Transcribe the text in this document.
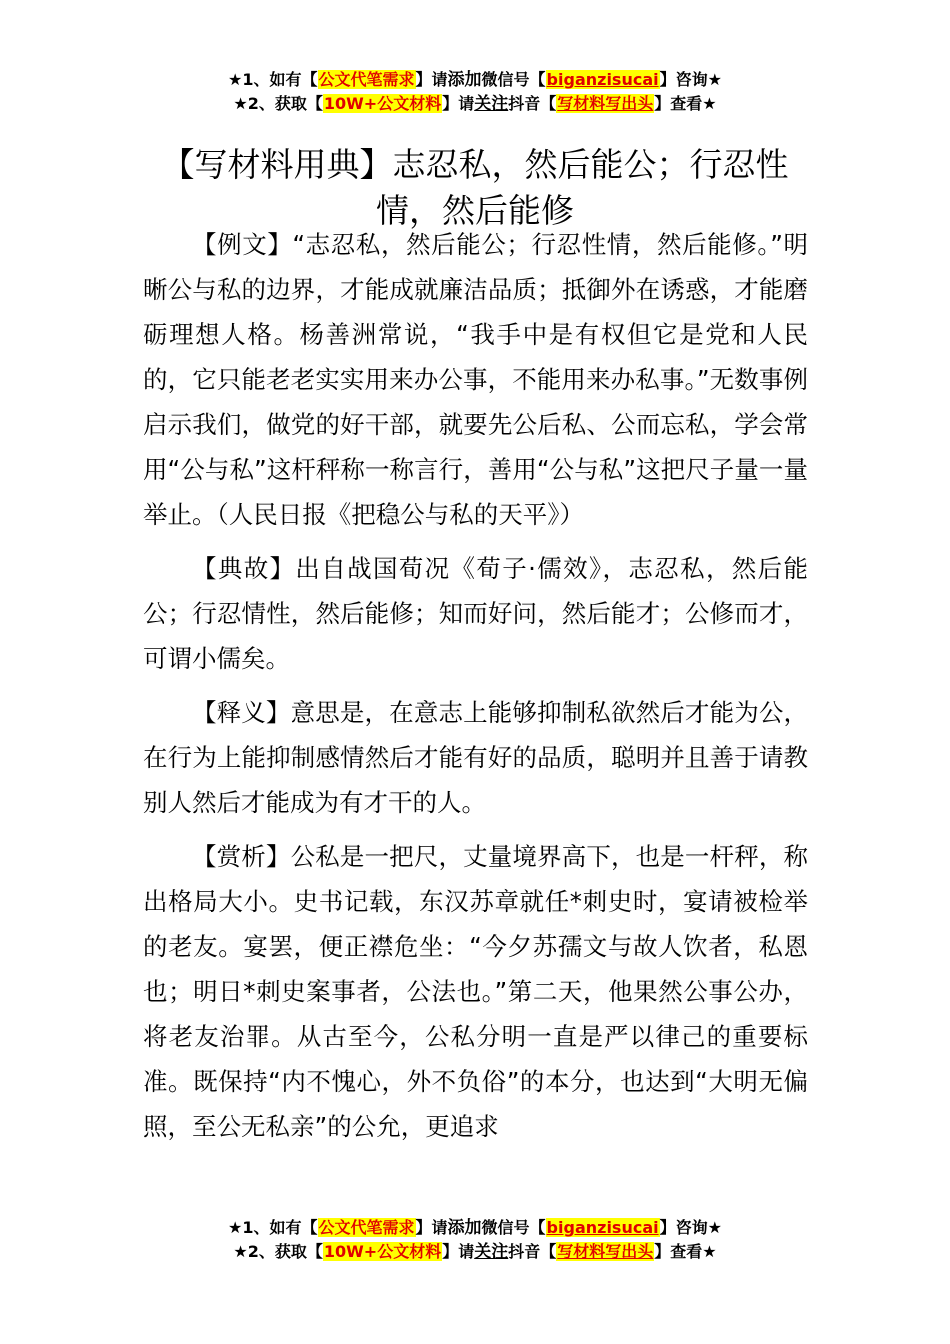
★1、如有【公文代笔需求】请添加微信号【biganzisucai】咨询★
★2、获取【10W+公文材料】请关注抖音【写材料写出头】查看★
【写材料用典】志忍私，然后能公；行忍性情，然后能修

【例文】“志忍私，然后能公；行忍性情，然后能修。”明晰公与私的边界，才能成就廉洁品质；抵御外在诱惑，才能磨砺理想人格。杨善洲常说，“我手中是有权但它是党和人民的，它只能老老实实用来办公事，不能用来办私事。”无数事例启示我们，做党的好干部，就要先公后私、公而忘私，学会常用“公与私”这杆秤称一称言行，善用“公与私”这把尺子量一量举止。（人民日报《把稳公与私的天平》）

【典故】出自战国荀况《荀子·儒效》，志忍私，然后能公；行忍情性，然后能修；知而好问，然后能才；公修而才，可谓小儒矣。

【释义】意思是，在意志上能够抑制私欲然后才能为公，在行为上能抑制感情然后才能有好的品质，聪明并且善于请教别人然后才能成为有才干的人。

【赏析】公私是一把尺，丈量境界高下，也是一杆秤，称出格局大小。史书记载，东汉苏章就任*刺史时，宴请被检举的老友。宴罢，便正襟危坐：“今夕苏孺文与故人饮者，私恩也；明日*刺史案事者，公法也。”第二天，他果然公事公办，将老友治罪。从古至今，公私分明一直是严以律己的重要标准。既保持“内不愧心，外不负俗”的本分，也达到“大明无偏照，至公无私亲”的公允，更追求

★1、如有【公文代笔需求】请添加微信号【biganzisucai】咨询★
★2、获取【10W+公文材料】请关注抖音【写材料写出头】查看★
